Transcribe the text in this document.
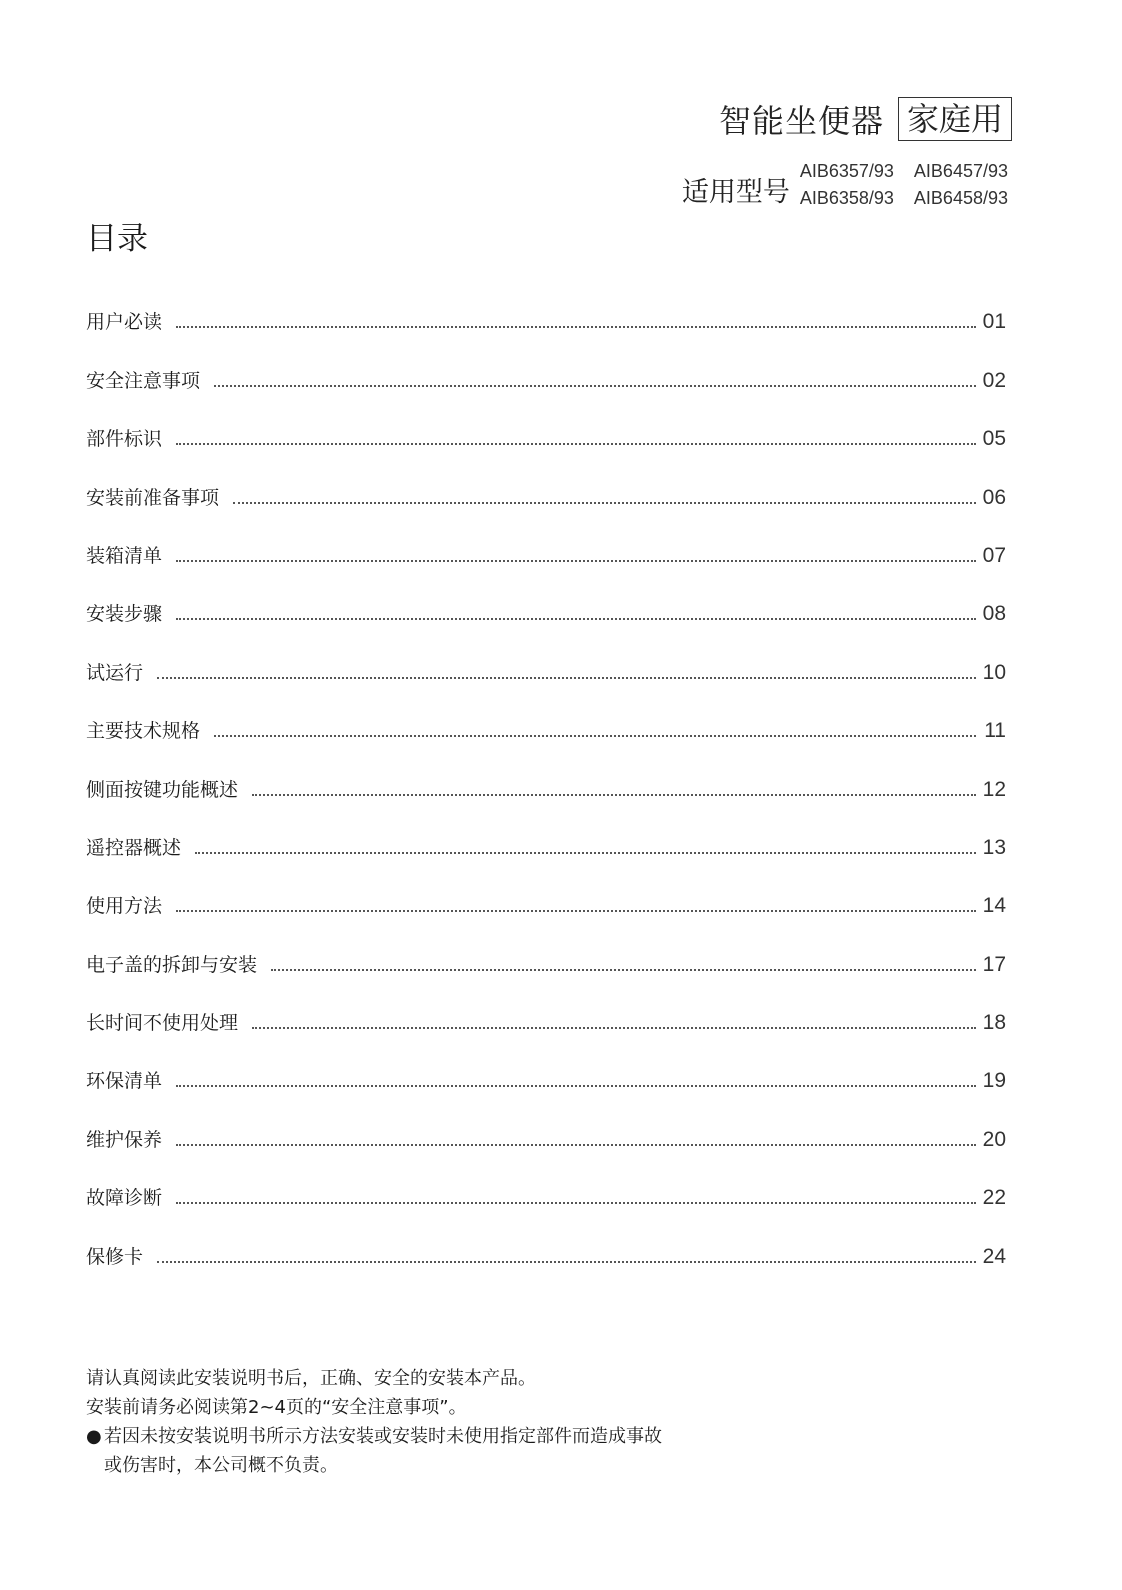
智能坐便器 家庭用
适用型号
AIB6357/93 AIB6457/93
AIB6358/93 AIB6458/93
目录
用户必读	01
安全注意事项	02
部件标识	05
安装前准备事项	06
装箱清单	07
安装步骤	08
试运行	10
主要技术规格	11
侧面按键功能概述	12
遥控器概述	13
使用方法	14
电子盖的拆卸与安装	17
长时间不使用处理	18
环保清单	19
维护保养	20
故障诊断	22
保修卡	24

请认真阅读此安装说明书后，正确、安全的安装本产品。

安装前请务必阅读第2~4页的“安全注意事项”。

● 若因未按安装说明书所示方法安装或安装时未使用指定部件而造成事故

或伤害时，本公司概不负责。
